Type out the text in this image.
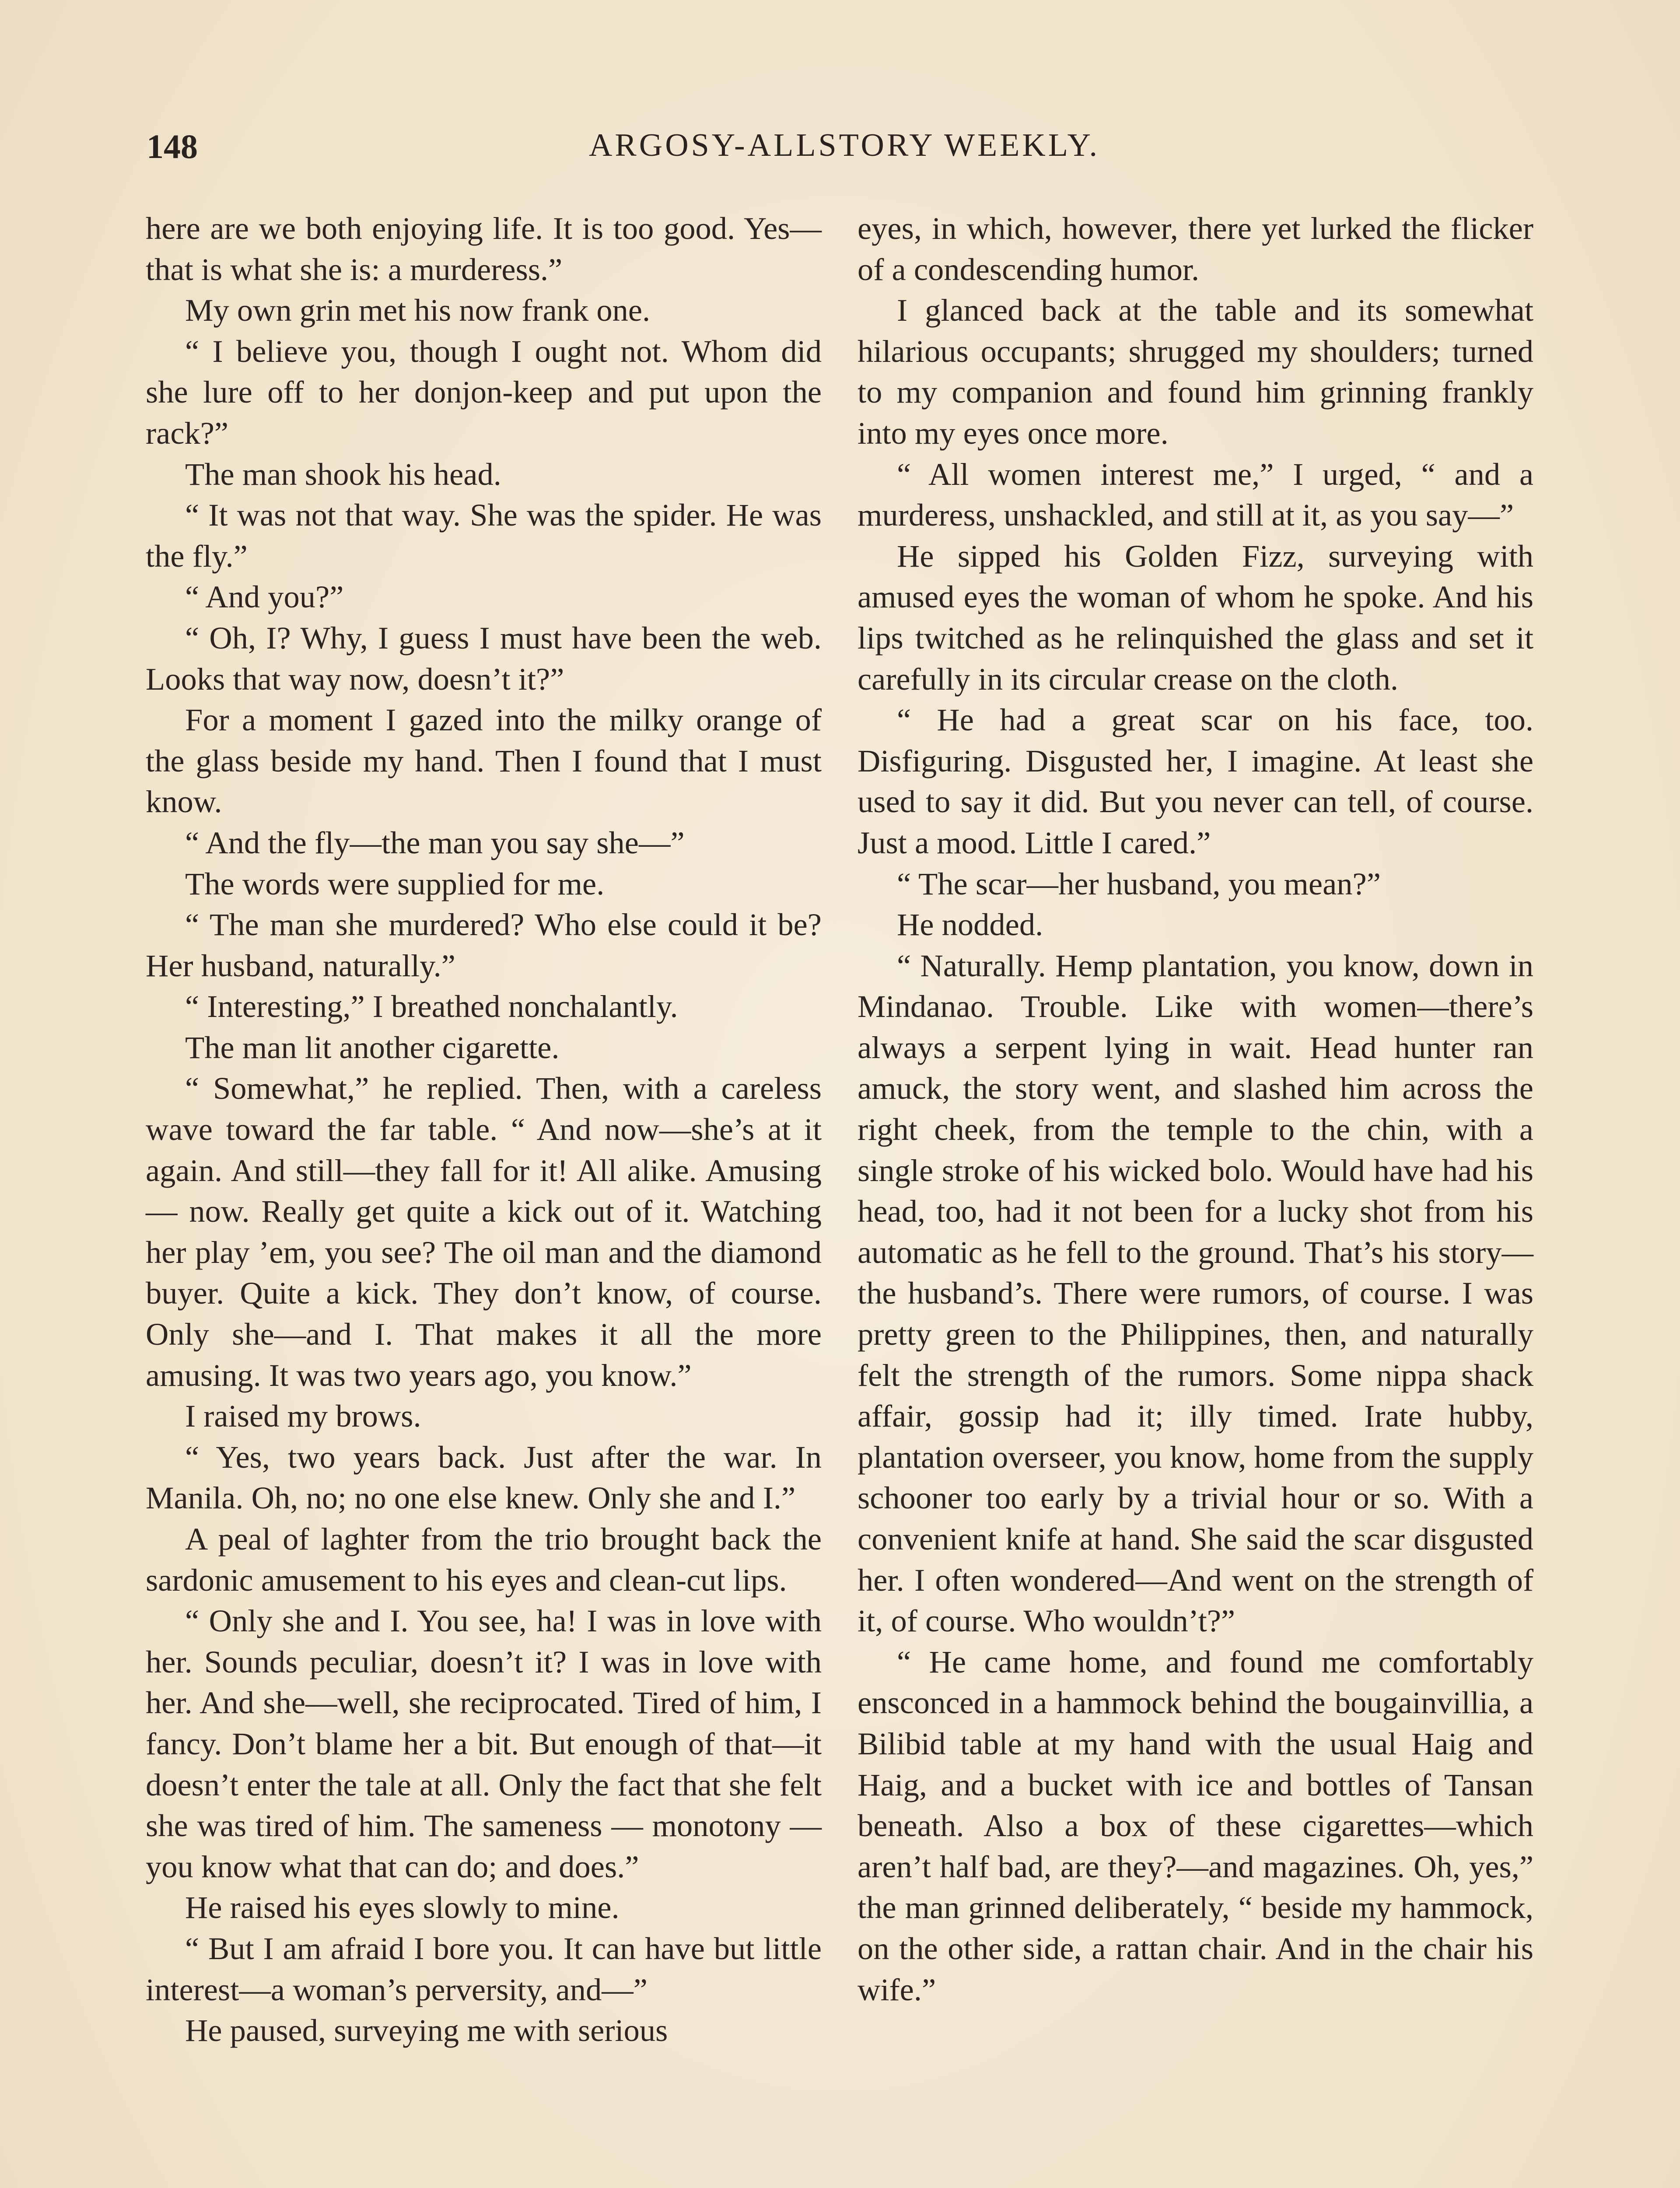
148	ARGOSY-ALLSTORY WEEKLY.

here are we both enjoying life. It is too good. Yes—that is what she is: a murderess.”

My own grin met his now frank one.

“ I believe you, though I ought not. Whom did she lure off to her donjon-keep and put upon the rack?”

The man shook his head.

“ It was not that way. She was the spider. He was the fly.”

“ And you?”

“ Oh, I? Why, I guess I must have been the web. Looks that way now, doesn’t it?”

For a moment I gazed into the milky orange of the glass beside my hand. Then I found that I must know.

“ And the fly—the man you say she—”

The words were supplied for me.

“ The man she murdered? Who else could it be? Her husband, naturally.”

“ Interesting,” I breathed nonchalantly.

The man lit another cigarette.

“ Somewhat,” he replied. Then, with a careless wave toward the far table. “ And now—she’s at it again. And still—they fall for it! All alike. Amusing — now. Really get quite a kick out of it. Watching her play ’em, you see? The oil man and the diamond buyer. Quite a kick. They don’t know, of course. Only she—and I. That makes it all the more amusing. It was two years ago, you know.”

I raised my brows.

“ Yes, two years back. Just after the war. In Manila. Oh, no; no one else knew. Only she and I.”

A peal of laghter from the trio brought back the sardonic amusement to his eyes and clean-cut lips.

“ Only she and I. You see, ha! I was in love with her. Sounds peculiar, doesn’t it? I was in love with her. And she—well, she reciprocated. Tired of him, I fancy. Don’t blame her a bit. But enough of that—it doesn’t enter the tale at all. Only the fact that she felt she was tired of him. The sameness — monotony — you know what that can do; and does.”

He raised his eyes slowly to mine.

“ But I am afraid I bore you. It can have but little interest—a woman’s perversity, and—”

He paused, surveying me with serious

eyes, in which, however, there yet lurked the flicker of a condescending humor.

I glanced back at the table and its somewhat hilarious occupants; shrugged my shoulders; turned to my companion and found him grinning frankly into my eyes once more.

“ All women interest me,” I urged, “ and a murderess, unshackled, and still at it, as you say—”

He sipped his Golden Fizz, surveying with amused eyes the woman of whom he spoke. And his lips twitched as he relinquished the glass and set it carefully in its circular crease on the cloth.

“ He had a great scar on his face, too. Disfiguring. Disgusted her, I imagine. At least she used to say it did. But you never can tell, of course. Just a mood. Little I cared.”

“ The scar—her husband, you mean?”

He nodded.

“ Naturally. Hemp plantation, you know, down in Mindanao. Trouble. Like with women—there’s always a serpent lying in wait. Head hunter ran amuck, the story went, and slashed him across the right cheek, from the temple to the chin, with a single stroke of his wicked bolo. Would have had his head, too, had it not been for a lucky shot from his automatic as he fell to the ground. That’s his story—the husband’s. There were rumors, of course. I was pretty green to the Philippines, then, and naturally felt the strength of the rumors. Some nippa shack affair, gossip had it; illy timed. Irate hubby, plantation overseer, you know, home from the supply schooner too early by a trivial hour or so. With a convenient knife at hand. She said the scar disgusted her. I often wondered—And went on the strength of it, of course. Who wouldn’t?”

“ He came home, and found me comfortably ensconced in a hammock behind the bougainvillia, a Bilibid table at my hand with the usual Haig and Haig, and a bucket with ice and bottles of Tansan beneath. Also a box of these cigarettes—which aren’t half bad, are they?—and magazines. Oh, yes,” the man grinned deliberately, “ beside my hammock, on the other side, a rattan chair. And in the chair his wife.”
